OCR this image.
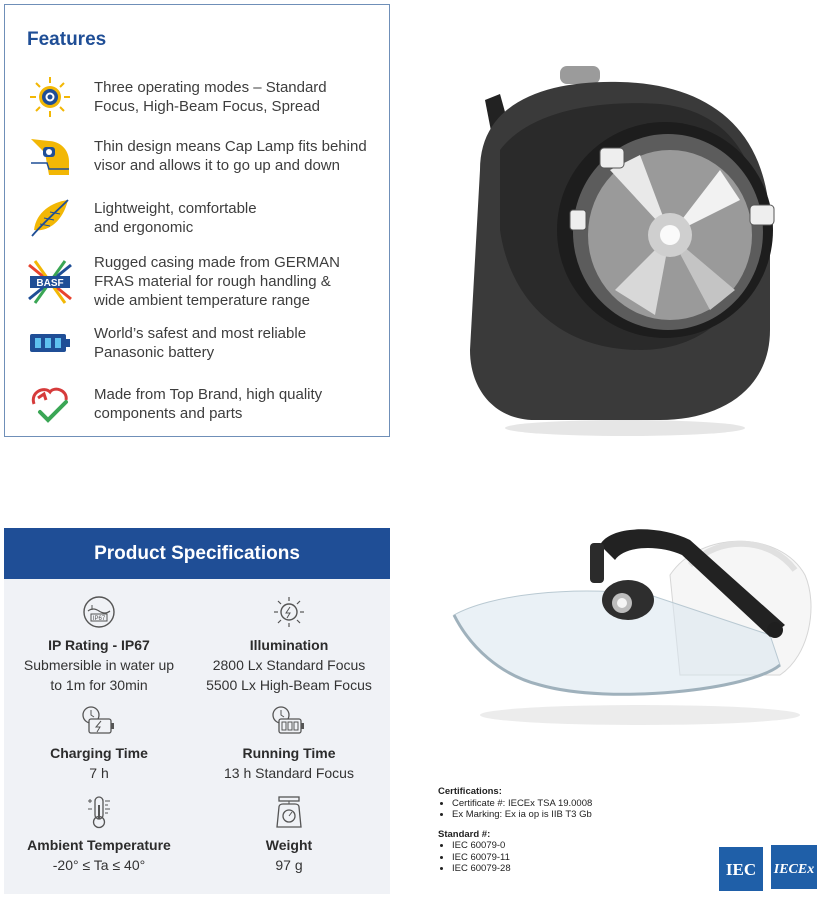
Features
Three operating modes – Standard
Focus, High-Beam Focus, Spread
Thin design means Cap Lamp fits behind
visor and allows it to go up and down
Lightweight, comfortable
and ergonomic
BASF
Rugged casing made from GERMAN
FRAS material for rough handling &
wide ambient temperature range
World’s safest and most reliable
Panasonic battery
Made from Top Brand, high quality
components and parts
Product Specifications
IP67
IP Rating - IP67
Submersible in water up
to 1m for 30min
Illumination
2800 Lx Standard Focus
5500 Lx High-Beam Focus
Charging Time
7 h
Running Time
13 h Standard Focus
Ambient Temperature
-20° ≤ Ta ≤ 40°
Weight
97 g
Certifications:
• Certificate #: IECEx TSA 19.0008
• Ex Marking: Ex ia op is IIB T3 Gb
Standard #:
• IEC 60079-0
• IEC 60079-11
• IEC 60079-28	IEC IECEx
